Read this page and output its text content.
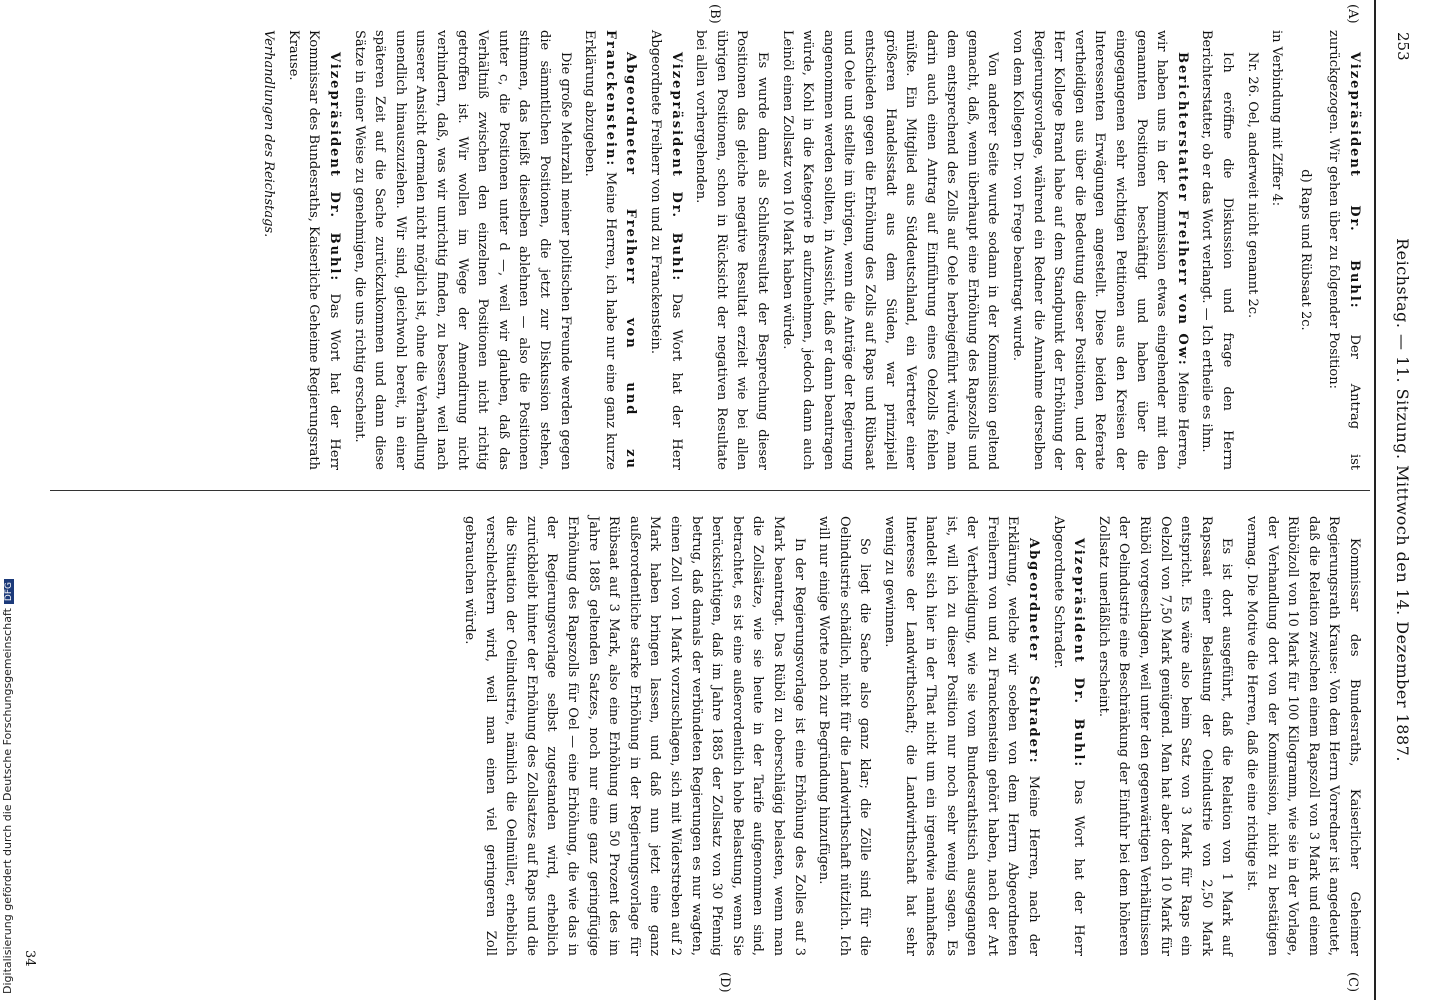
253
Reichstag. — 11. Sitzung. Mittwoch den 14. Dezember 1887.
(A)
(B)
(C)
(D)

Vizepräsident Dr. Buhl: Der Antrag ist zurückgezogen. Wir gehen über zu folgender Position:

d) Raps und Rübsaat 2c.

in Verbindung mit Ziffer 4:

Nr. 26. Oel, anderweit nicht genannt 2c.

Ich eröffne die Diskussion und frage den Herrn Berichterstatter, ob er das Wort verlangt. — Ich ertheile es ihm.

Berichterstatter Freiherr von Ow: Meine Herren, wir haben uns in der Kommission etwas eingehender mit den genannten Positionen beschäftigt und haben über die eingegangenen sehr wichtigen Petitionen aus den Kreisen der Interessenten Erwägungen angestellt. Diese beiden Referate vertheidigen aus über die Bedeutung dieser Positionen, und der Herr Kollege Brand habe auf dem Standpunkt der Erhöhung der Regierungsvorlage, während ein Redner die Annahme derselben von dem Kollegen Dr. von Frege beantragt wurde.

Von anderer Seite wurde sodann in der Kommission geltend gemacht, daß, wenn überhaupt eine Erhöhung des Rapszolls und dem entsprechend des Zolls auf Oele herbeigeführt würde, man darin auch einen Antrag auf Einführung eines Oelzolls fehlen müßte. Ein Mitglied aus Süddeutschland, ein Vertreter einer größeren Handelsstadt aus dem Süden, war prinzipiell entschieden gegen die Erhöhung des Zolls auf Raps und Rübsaat und Oele und stellte im übrigen, wenn die Anträge der Regierung angenommen werden sollten, in Aussicht, daß er dann beantragen würde, Kohl in die Kategorie B aufzunehmen, jedoch dann auch Leinöl einen Zollsatz von 10 Mark haben würde.

Es wurde dann als Schlußresultat der Besprechung dieser Positionen das gleiche negative Resultat erzielt wie bei allen übrigen Positionen, schon in Rücksicht der negativen Resultate bei allen vorhergehenden.

Vizepräsident Dr. Buhl: Das Wort hat der Herr Abgeordnete Freiherr von und zu Franckenstein.

Abgeordneter Freiherr von und zu Franckenstein: Meine Herren, ich habe nur eine ganz kurze Erklärung abzugeben.

Die große Mehrzahl meiner politischen Freunde werden gegen die sämmtlichen Positionen, die jetzt zur Diskussion stehen, stimmen, das heißt dieselben ablehnen — also die Positionen unter c, die Positionen unter d —, weil wir glauben, daß das Verhältniß zwischen den einzelnen Positionen nicht richtig getroffen ist. Wir wollen im Wege der Amendirung nicht verhindern, daß, was wir unrichtig finden, zu bessern, weil nach unserer Ansicht dermalen nicht möglich ist, ohne die Verhandlung unendlich hinauszuziehen. Wir sind, gleichwohl bereit, in einer späteren Zeit auf die Sache zurückzukommen und dann diese Sätze in einer Weise zu genehmigen, die uns richtig erscheint.

Vizepräsident Dr. Buhl: Das Wort hat der Herr Kommissar des Bundesraths, Kaiserliche Geheime Regierungsrath Krause.

Verhandlungen des Reichstags.

Kommissar des Bundesraths, Kaiserlicher Geheimer Regierungsrath Krause: Von dem Herrn Vorredner ist angedeutet, daß die Relation zwischen einem Rapszoll von 3 Mark und einem Rübölzoll von 10 Mark für 100 Kilogramm, wie sie in der Vorlage, der Verhandlung dort von der Kommission, nicht zu bestätigen vermag. Die Motive die Herren, daß die eine richtige ist.

Es ist dort ausgeführt, daß die Relation von 1 Mark auf Rapssaat einer Belastung der Oelindustrie von 2,50 Mark entspricht. Es wäre also beim Satz von 3 Mark für Raps ein Oelzoll von 7,50 Mark genügend. Man hat aber doch 10 Mark für Rüböl vorgeschlagen, weil unter den gegenwärtigen Verhältnissen der Oelindustrie eine Beschränkung der Einfuhr bei dem höheren Zollsatz unerläßlich erscheint.

Vizepräsident Dr. Buhl: Das Wort hat der Herr Abgeordnete Schrader.

Abgeordneter Schrader: Meine Herren, nach der Erklärung, welche wir soeben von dem Herrn Abgeordneten Freiherrn von und zu Franckenstein gehört haben, nach der Art der Vertheidigung, wie sie vom Bundesrathstisch ausgegangen ist, will ich zu dieser Position nur noch sehr wenig sagen. Es handelt sich hier in der That nicht um ein irgendwie namhaftes Interesse der Landwirthschaft; die Landwirthschaft hat sehr wenig zu gewinnen.

So liegt die Sache also ganz klar; die Zölle sind für die Oelindustrie schädlich, nicht für die Landwirthschaft nützlich. Ich will nur einige Worte noch zur Begründung hinzufügen.

In der Regierungsvorlage ist eine Erhöhung des Zolles auf 3 Mark beantragt. Das Rüböl zu oberschlägig belasten, wenn man die Zollsätze, wie sie heute in der Tarife aufgenommen sind, betrachtet, es ist eine außerordentlich hohe Belastung, wenn Sie berücksichtigen, daß im Jahre 1885 der Zollsatz von 30 Pfennig betrug, daß damals der verbündeten Regierungen es nur wagten, einen Zoll von 1 Mark vorzuschlagen, sich mit Widerstreben auf 2 Mark haben bringen lassen, und daß nun jetzt eine ganz außerordentliche starke Erhöhung in der Regierungsvorlage für Rübsaat auf 3 Mark, also eine Erhöhung um 50 Prozent des im Jahre 1885 geltenden Satzes, noch nur eine ganz geringfügige Erhöhung des Rapszolls für Oel — eine Erhöhung, die wie das in der Regierungsvorlage selbst zugestanden wird, erheblich zurückbleibt hinter der Erhöhung des Zollsatzes auf Raps und die die Situation der Oelindustrie, nämlich die Oelmüller, erheblich verschlechtern wird, weil man einen viel geringeren Zoll gebrauchen würde.

34
Digitalisierung gefördert durch die Deutsche ForschungsgemeinschaftDFG
